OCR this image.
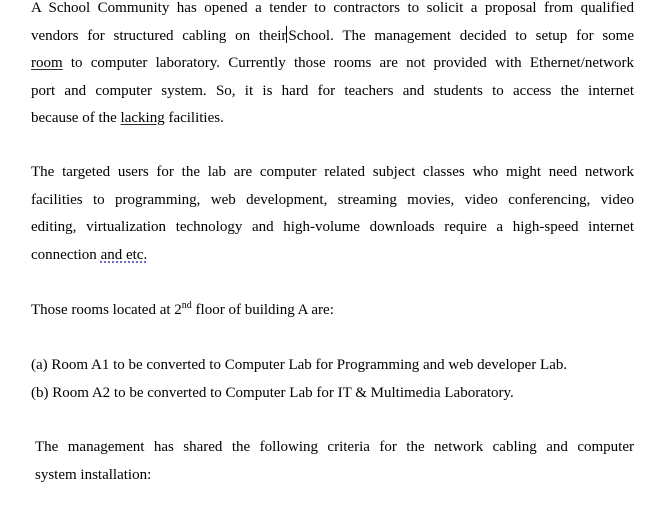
A School Community has opened a tender to contractors to solicit a proposal from qualified
vendors for structured cabling on their School. The management decided to setup for some
room to computer laboratory. Currently those rooms are not provided with Ethernet/network
port and computer system. So, it is hard for teachers and students to access the internet
because of the lacking facilities.
The targeted users for the lab are computer related subject classes who might need network
facilities to programming, web development, streaming movies, video conferencing, video
editing, virtualization technology and high-volume downloads require a high-speed internet
connection and etc.
Those rooms located at 2nd floor of building A are:
(a) Room A1 to be converted to Computer Lab for Programming and web developer Lab.
(b) Room A2 to be converted to Computer Lab for IT & Multimedia Laboratory.
The management has shared the following criteria for the network cabling and computer
system installation:
